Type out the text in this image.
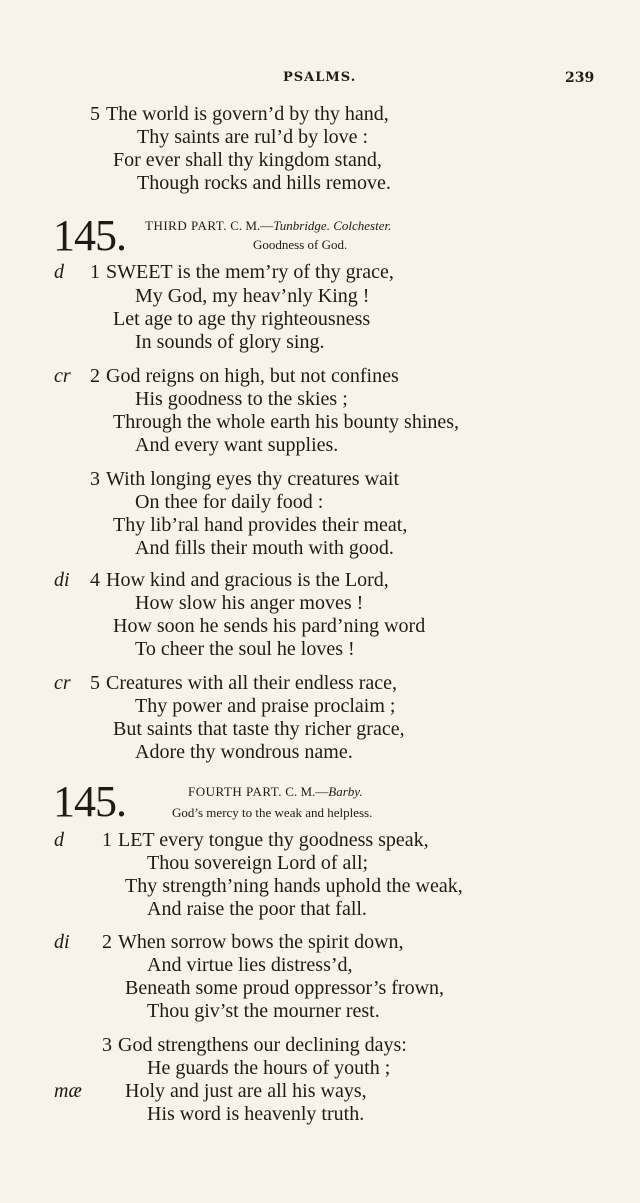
PSALMS.	239
5 The world is govern’d by thy hand,
Thy saints are rul’d by love :
For ever shall thy kingdom stand,
Though rocks and hills remove.
145. THIRD PART. C. M.—Tunbridge. Colchester.
Goodness of God.
d 1 SWEET is the mem’ry of thy grace,
My God, my heav’nly King !
Let age to age thy righteousness
In sounds of glory sing.
cr 2 God reigns on high, but not confines
His goodness to the skies ;
Through the whole earth his bounty shines,
And every want supplies.
3 With longing eyes thy creatures wait
On thee for daily food :
Thy lib’ral hand provides their meat,
And fills their mouth with good.
di 4 How kind and gracious is the Lord,
How slow his anger moves !
How soon he sends his pard’ning word
To cheer the soul he loves !
cr 5 Creatures with all their endless race,
Thy power and praise proclaim ;
But saints that taste thy richer grace,
Adore thy wondrous name.
145.	FOURTH PART. C. M.—Barby.
God’s mercy to the weak and helpless.
d 1 LET every tongue thy goodness speak,
Thou sovereign Lord of all;
Thy strength’ning hands uphold the weak,
And raise the poor that fall.
di 2 When sorrow bows the spirit down,
And virtue lies distress’d,
Beneath some proud oppressor’s frown,
Thou giv’st the mourner rest.
3 God strengthens our declining days:
He guards the hours of youth ;
mæ Holy and just are all his ways,
His word is heavenly truth.
